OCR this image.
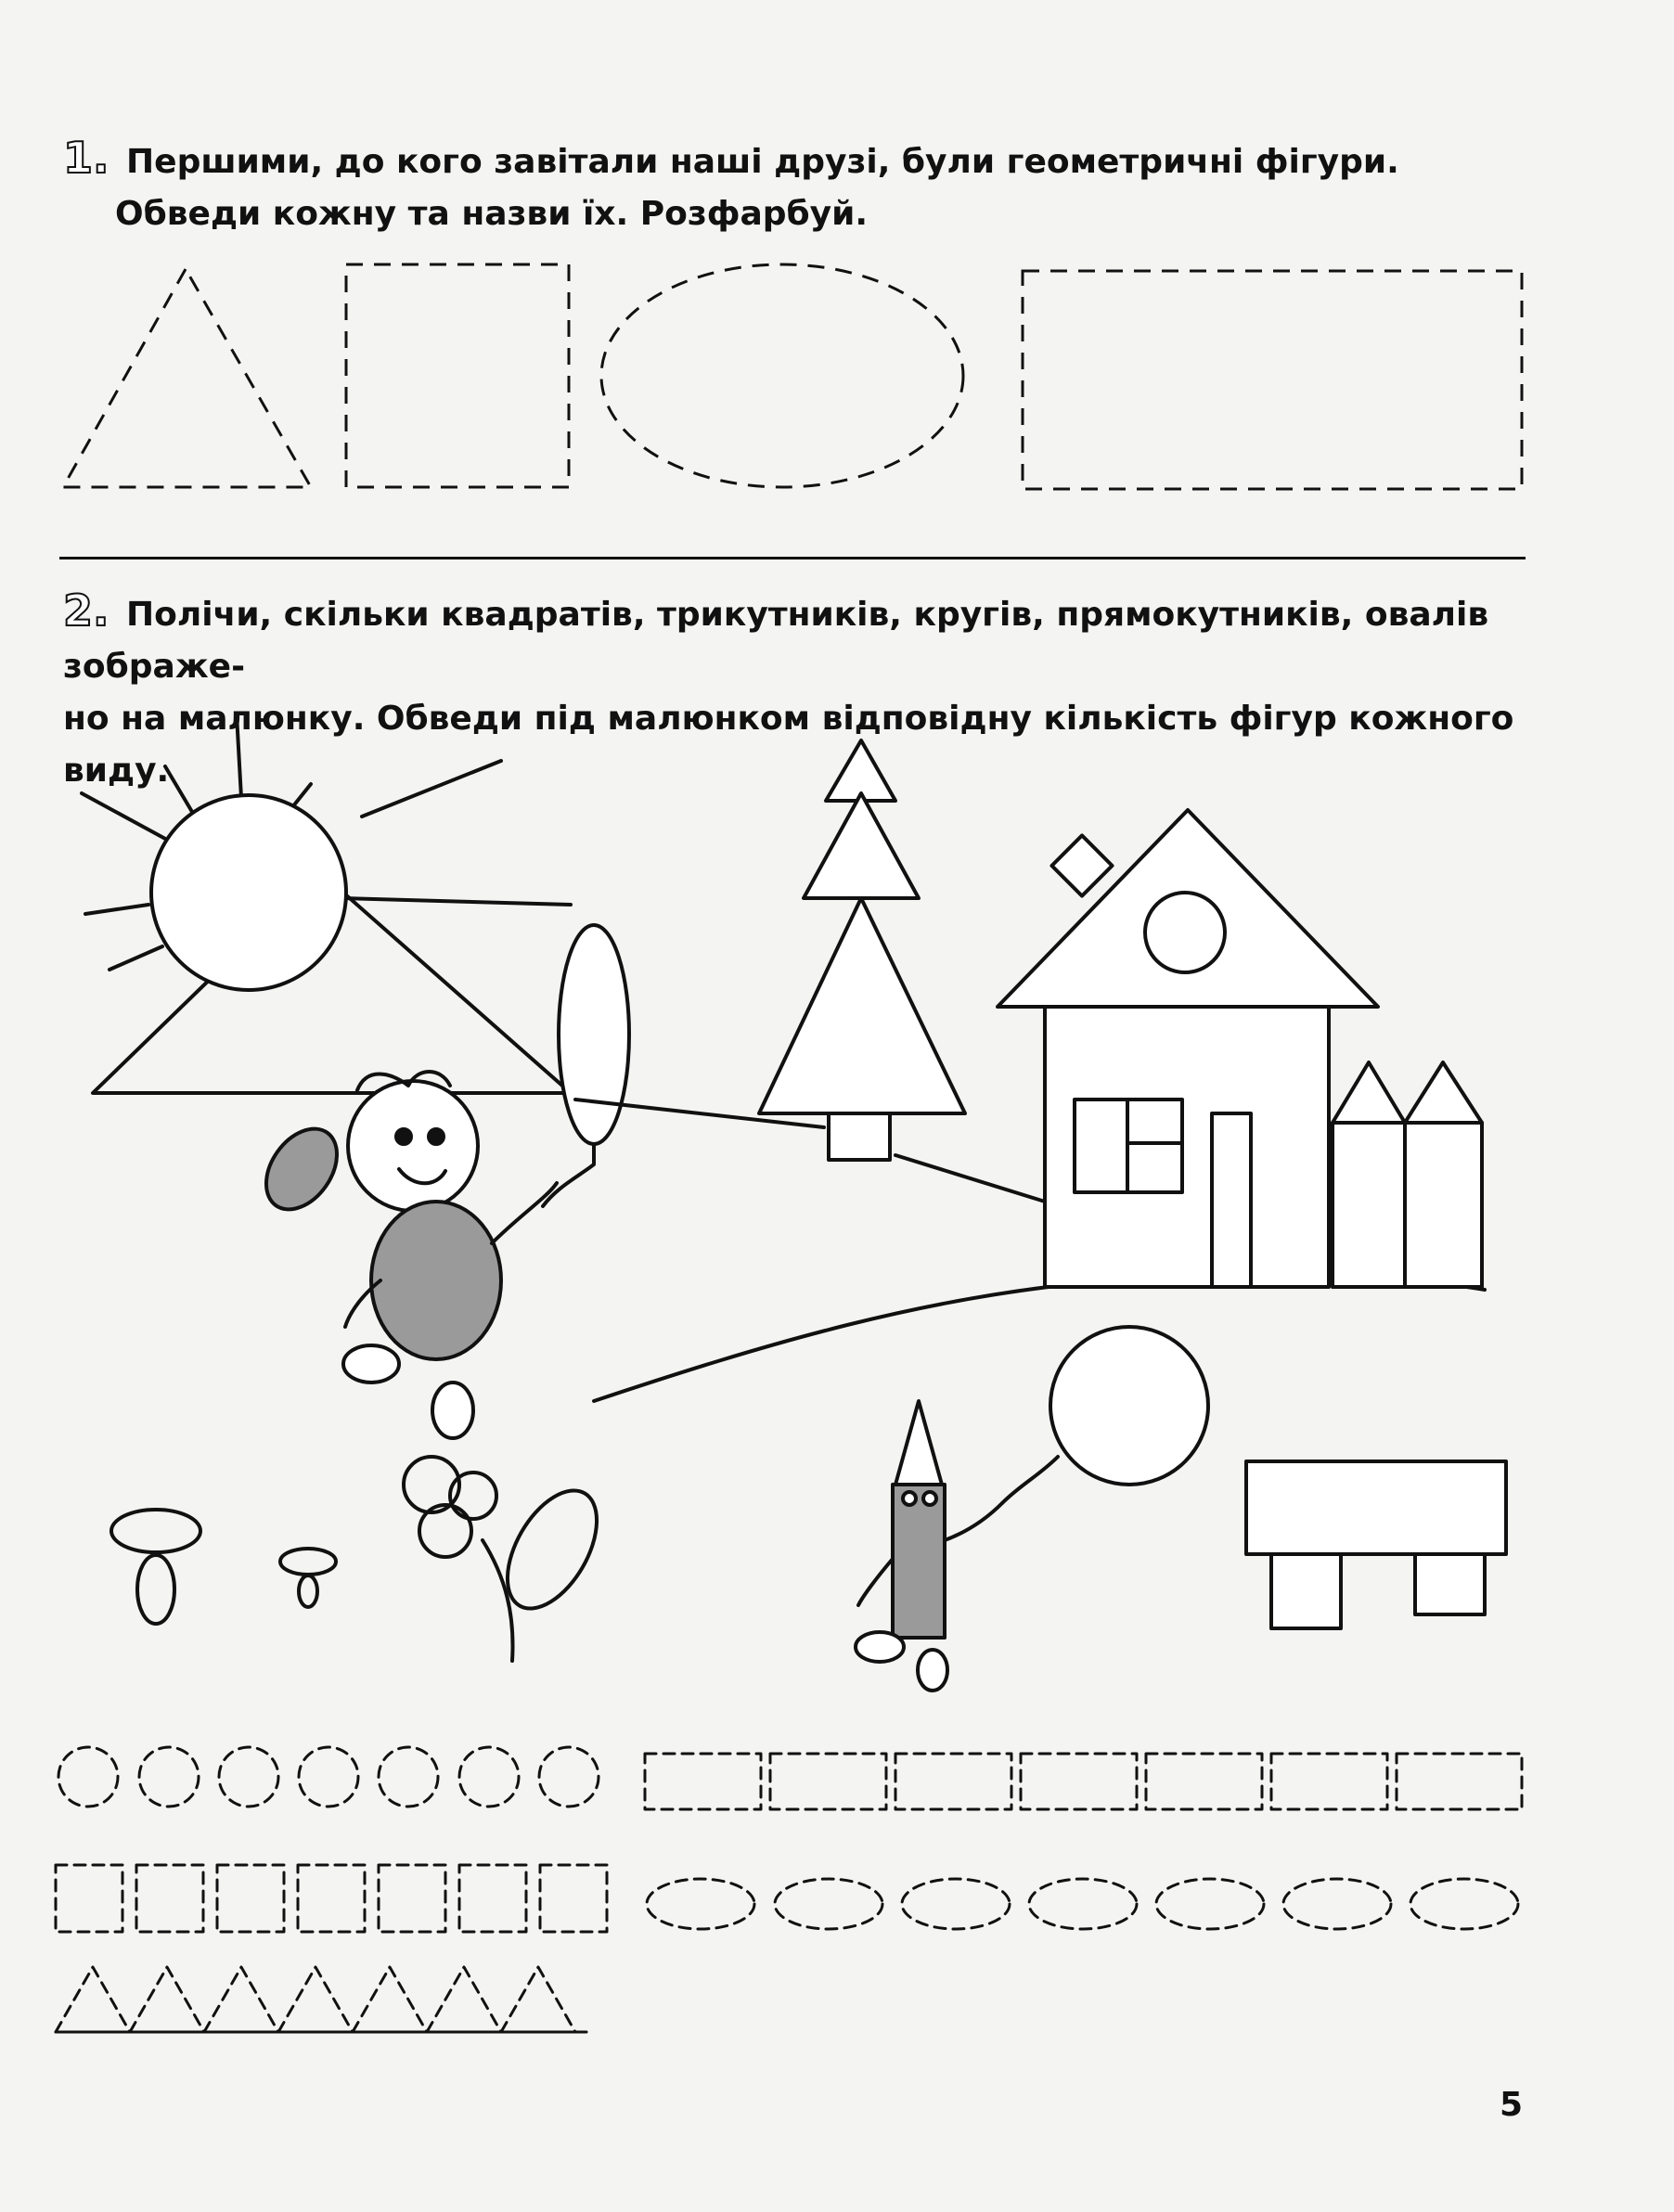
1. Першими, до кого завітали наші друзі, були геометричні фігури.
Обведи кожну та назви їх. Розфарбуй.
2. Полічи, скільки квадратів, трикутників, кругів, прямокутників, овалів зображе-
но на малюнку. Обведи під малюнком відповідну кількість фігур кожного виду.
5
